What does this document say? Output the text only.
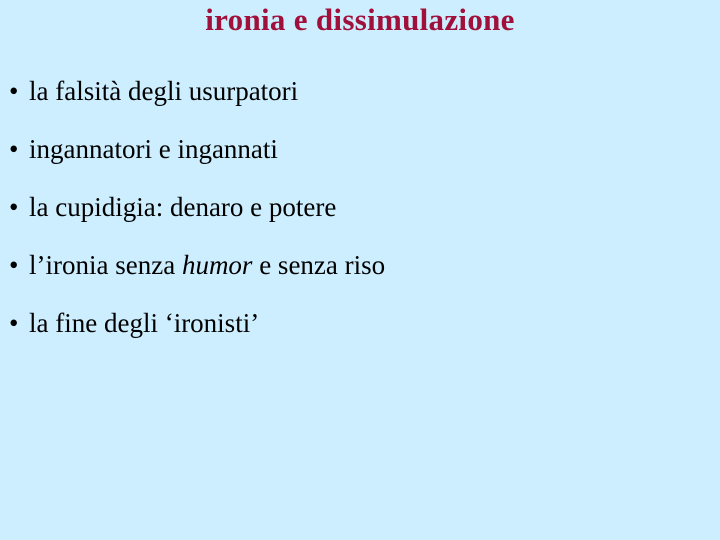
ironia e dissimulazione
• la falsità degli usurpatori
• ingannatori e ingannati
• la cupidigia: denaro e potere
• l’ironia senza humor e senza riso
• la fine degli ‘ironisti’
